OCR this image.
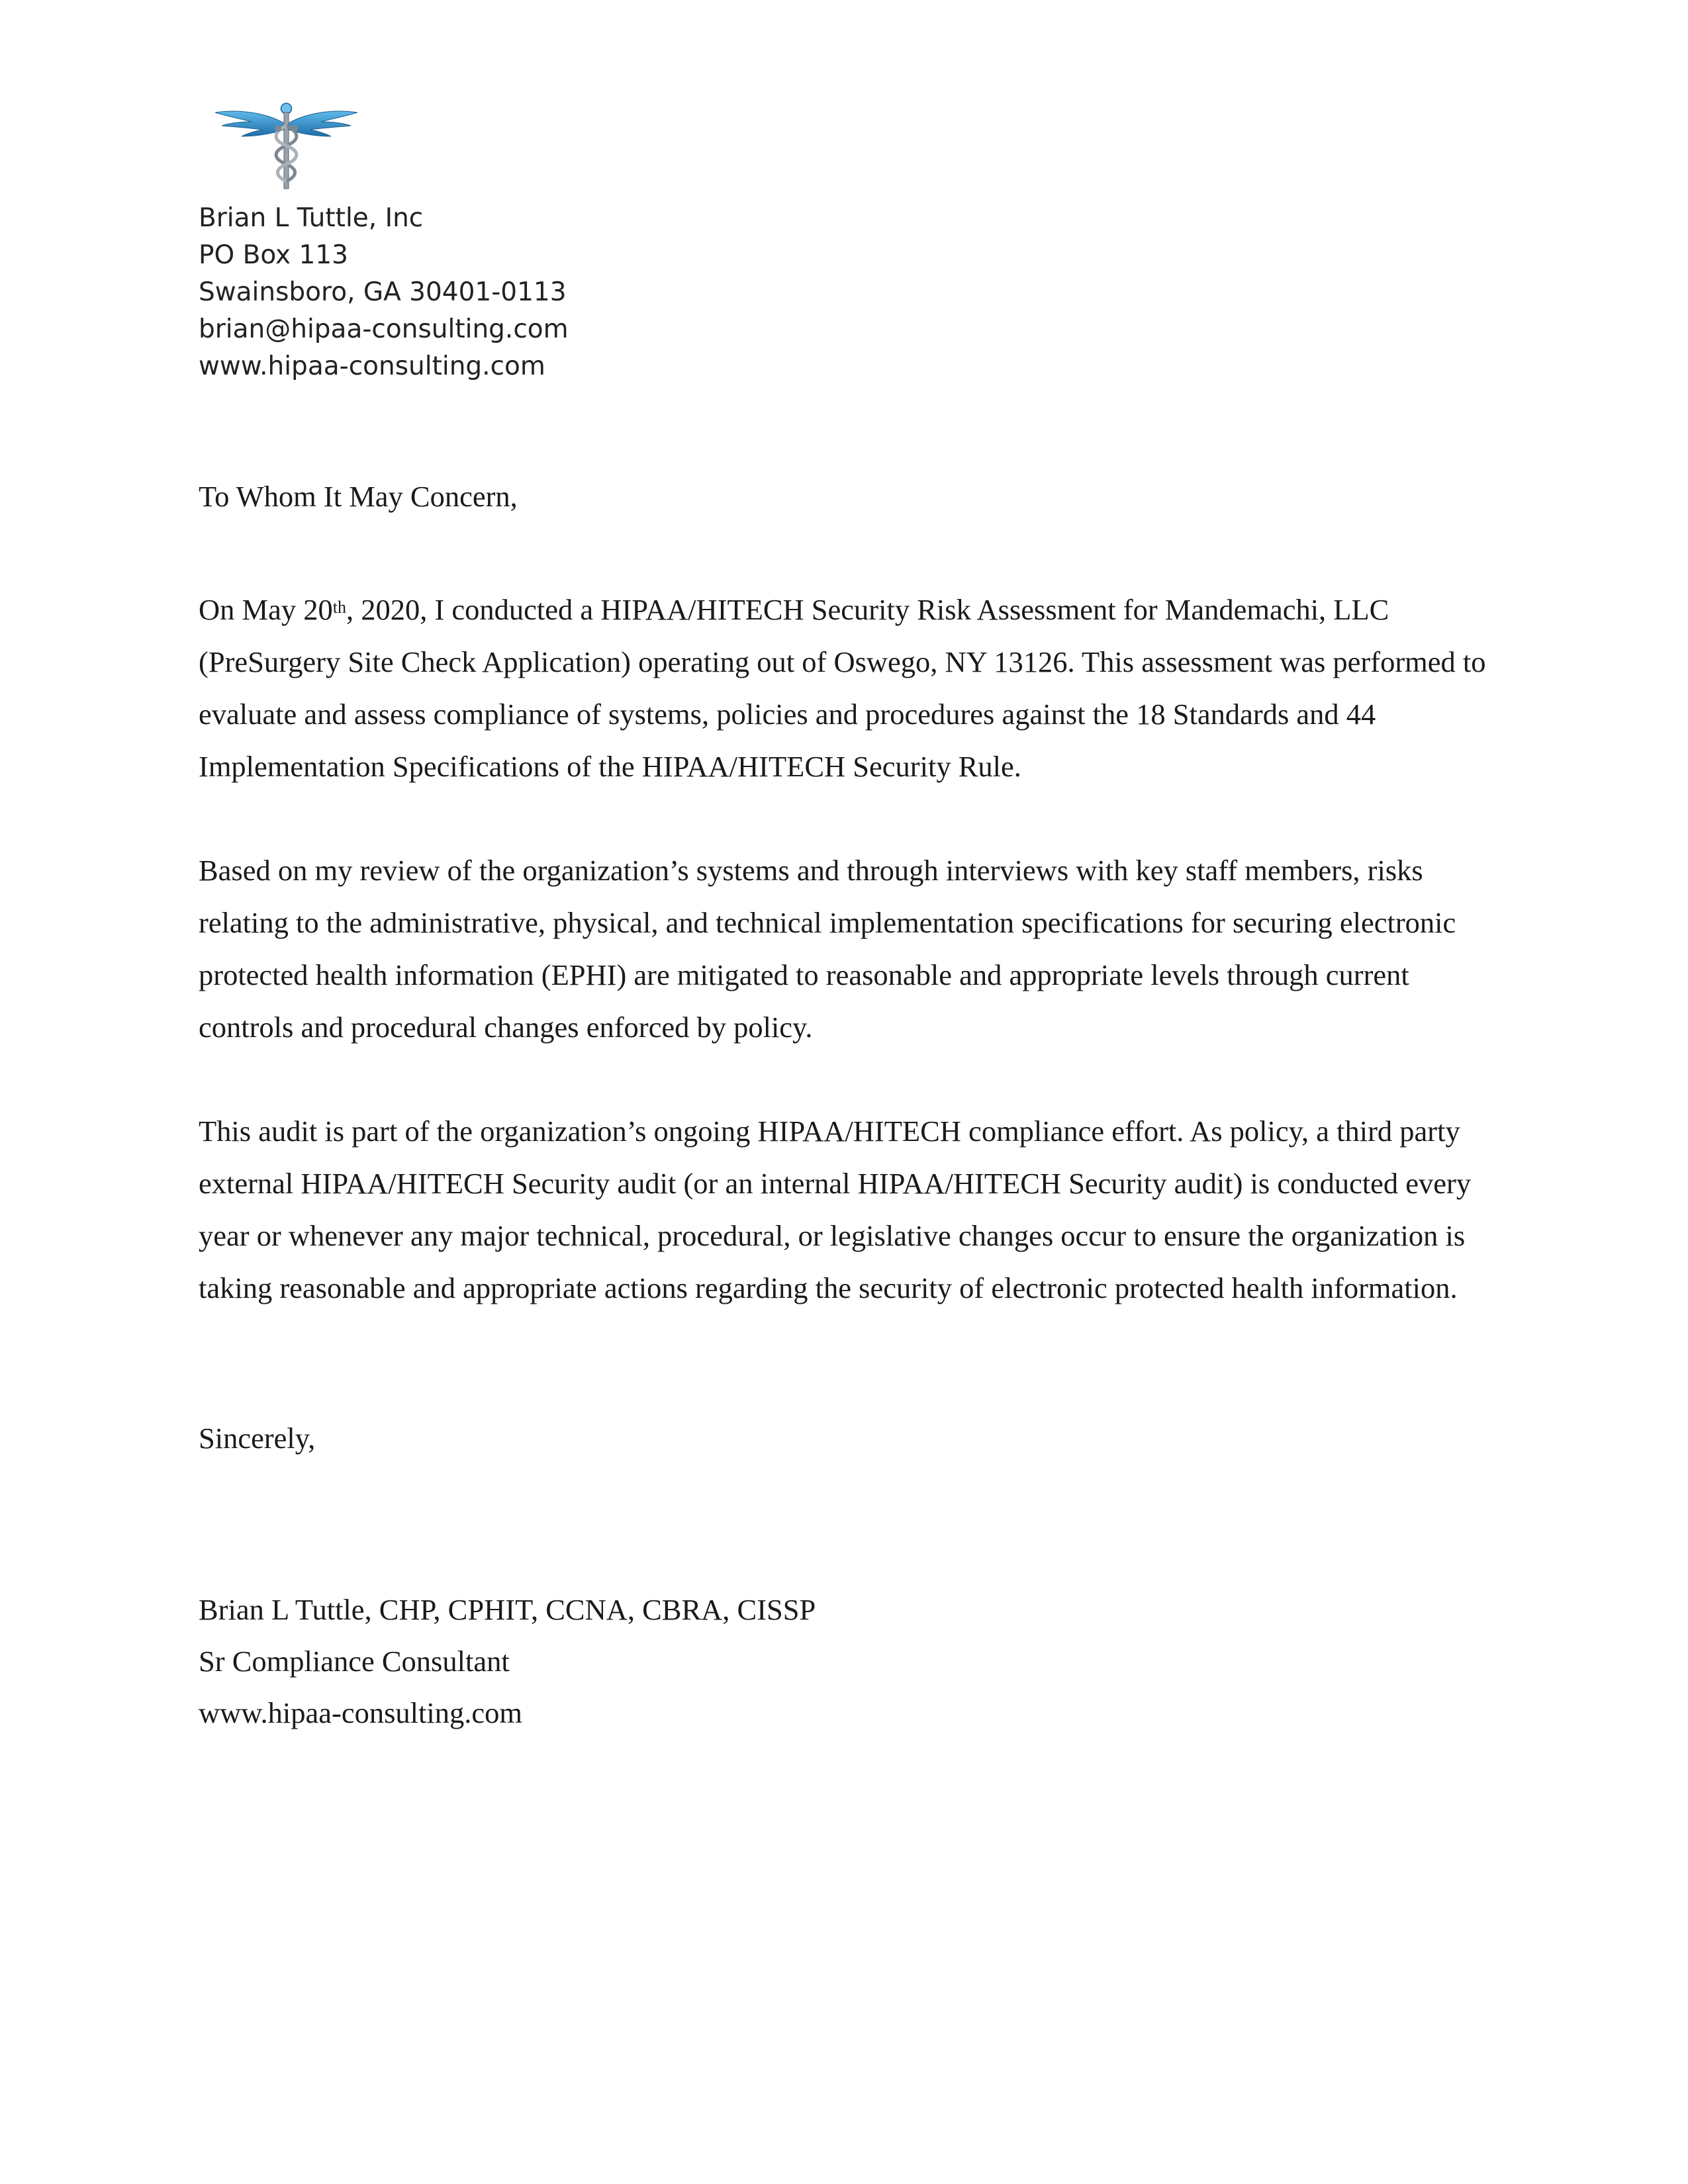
Brian L Tuttle, Inc
PO Box 113
Swainsboro, GA 30401-0113
brian@hipaa-consulting.com
www.hipaa-consulting.com
To Whom It May Concern,
On May 20th, 2020, I conducted a HIPAA/HITECH Security Risk Assessment for Mandemachi, LLC (PreSurgery Site Check Application) operating out of Oswego, NY 13126. This assessment was performed to evaluate and assess compliance of systems, policies and procedures against the 18 Standards and 44 Implementation Specifications of the HIPAA/HITECH Security Rule.
Based on my review of the organization’s systems and through interviews with key staff members, risks relating to the administrative, physical, and technical implementation specifications for securing electronic protected health information (EPHI) are mitigated to reasonable and appropriate levels through current controls and procedural changes enforced by policy.
This audit is part of the organization’s ongoing HIPAA/HITECH compliance effort. As policy, a third party external HIPAA/HITECH Security audit (or an internal HIPAA/HITECH Security audit) is conducted every year or whenever any major technical, procedural, or legislative changes occur to ensure the organization is taking reasonable and appropriate actions regarding the security of electronic protected health information.
Sincerely,
Brian L Tuttle, CHP, CPHIT, CCNA, CBRA, CISSP
Sr Compliance Consultant
www.hipaa-consulting.com
